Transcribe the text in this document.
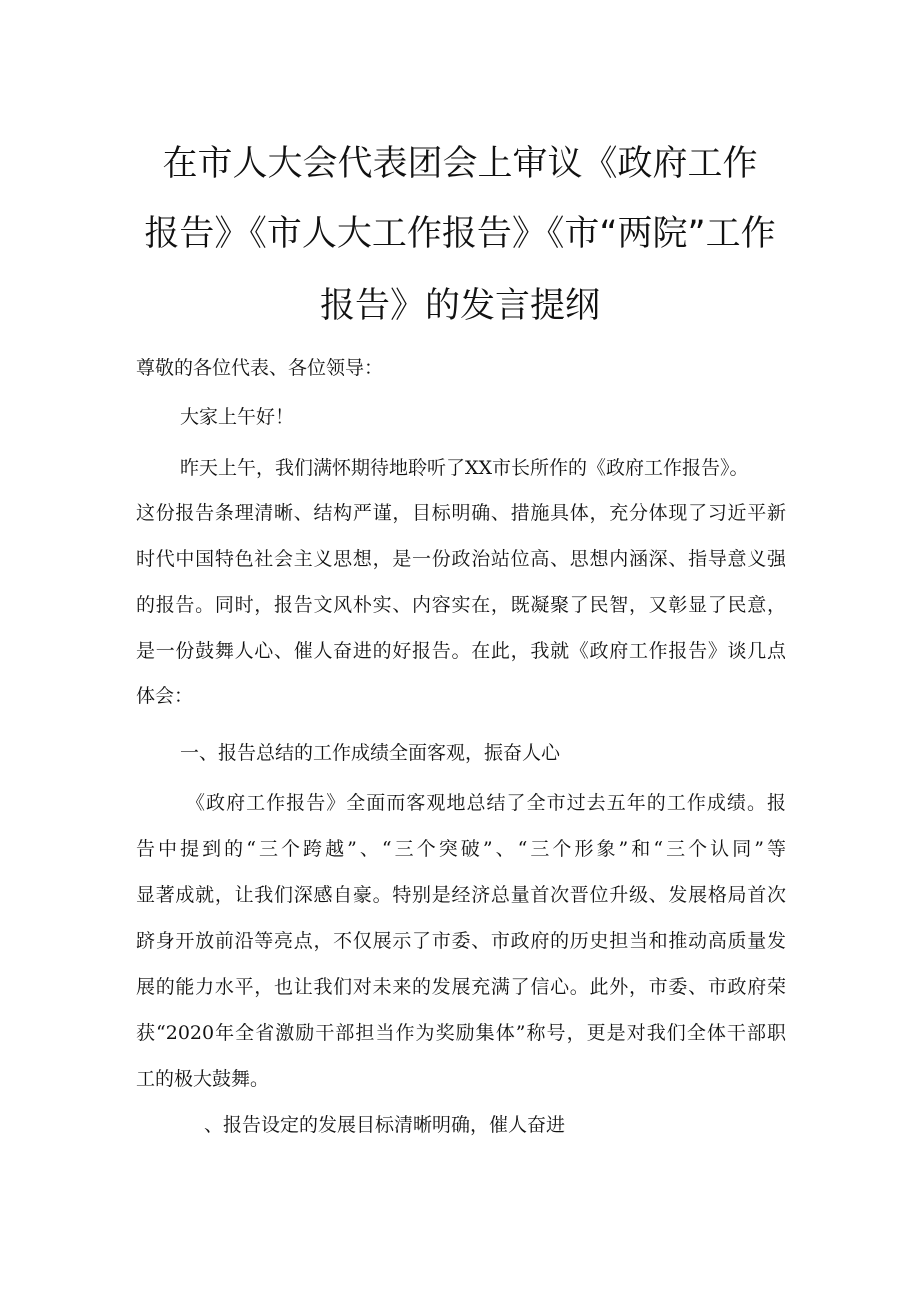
在市人大会代表团会上审议《政府工作
报告》《市人大工作报告》《市“两院”工作
报告》的发言提纲
尊敬的各位代表、各位领导：
大家上午好！
昨天上午，我们满怀期待地聆听了XX市长所作的《政府工作报告》。
这份报告条理清晰、结构严谨，目标明确、措施具体，充分体现了习近平新
时代中国特色社会主义思想，是一份政治站位高、思想内涵深、指导意义强
的报告。同时，报告文风朴实、内容实在，既凝聚了民智，又彰显了民意，
是一份鼓舞人心、催人奋进的好报告。在此，我就《政府工作报告》谈几点
体会：
一、报告总结的工作成绩全面客观，振奋人心
《政府工作报告》全面而客观地总结了全市过去五年的工作成绩。报
告中提到的“三个跨越”、“三个突破”、“三个形象”和“三个认同”等
显著成就，让我们深感自豪。特别是经济总量首次晋位升级、发展格局首次
跻身开放前沿等亮点，不仅展示了市委、市政府的历史担当和推动高质量发
展的能力水平，也让我们对未来的发展充满了信心。此外，市委、市政府荣
获“2020年全省激励干部担当作为奖励集体”称号，更是对我们全体干部职
工的极大鼓舞。
、报告设定的发展目标清晰明确，催人奋进
